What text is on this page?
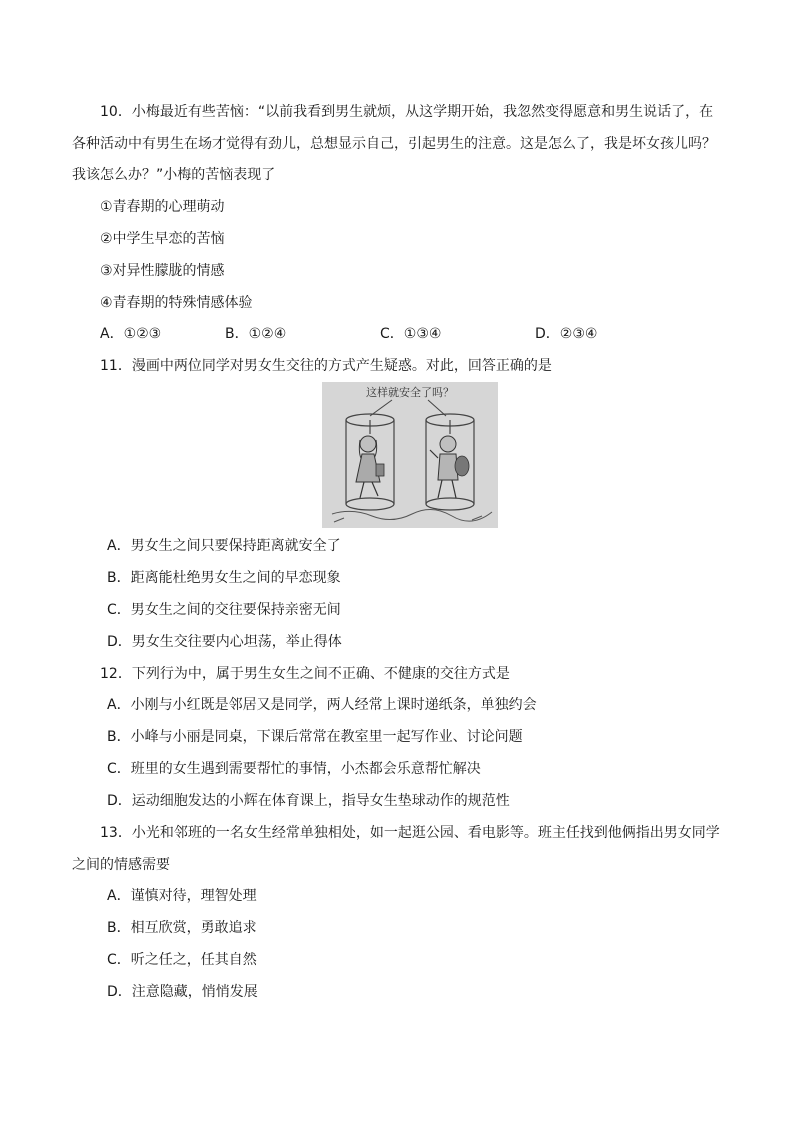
10．小梅最近有些苦恼：“以前我看到男生就烦，从这学期开始，我忽然变得愿意和男生说话了，在
各种活动中有男生在场才觉得有劲儿，总想显示自己，引起男生的注意。这是怎么了，我是坏女孩儿吗？
我该怎么办？”小梅的苦恼表现了
①青春期的心理萌动
②中学生早恋的苦恼
③对异性朦胧的情感
④青春期的特殊情感体验
A．①②③	B．①②④	C．①③④	D．②③④
11．漫画中两位同学对男女生交往的方式产生疑惑。对此，回答正确的是
这样就安全了吗？
A．男女生之间只要保持距离就安全了
B．距离能杜绝男女生之间的早恋现象
C．男女生之间的交往要保持亲密无间
D．男女生交往要内心坦荡，举止得体
12．下列行为中，属于男生女生之间不正确、不健康的交往方式是
A．小刚与小红既是邻居又是同学，两人经常上课时递纸条，单独约会
B．小峰与小丽是同桌，下课后常常在教室里一起写作业、讨论问题
C．班里的女生遇到需要帮忙的事情，小杰都会乐意帮忙解决
D．运动细胞发达的小辉在体育课上，指导女生垫球动作的规范性
13．小光和邻班的一名女生经常单独相处，如一起逛公园、看电影等。班主任找到他俩指出男女同学
之间的情感需要
A．谨慎对待，理智处理
B．相互欣赏，勇敢追求
C．听之任之，任其自然
D．注意隐藏，悄悄发展
